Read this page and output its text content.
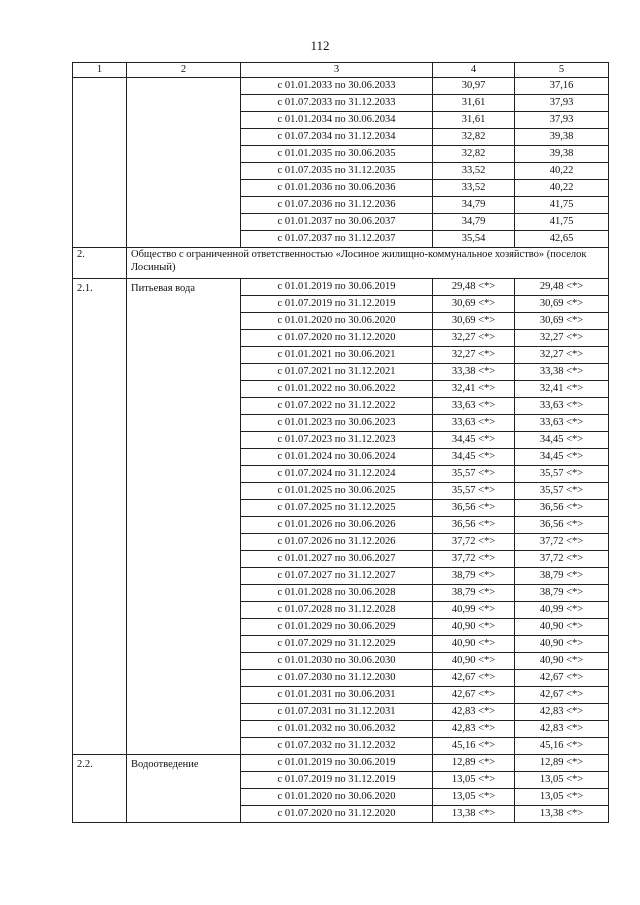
112
1	2	3	4	5
		с 01.01.2033 по 30.06.2033	30,97	37,16
		с 01.07.2033 по 31.12.2033	31,61	37,93
		с 01.01.2034 по 30.06.2034	31,61	37,93
		с 01.07.2034 по 31.12.2034	32,82	39,38
		с 01.01.2035 по 30.06.2035	32,82	39,38
		с 01.07.2035 по 31.12.2035	33,52	40,22
		с 01.01.2036 по 30.06.2036	33,52	40,22
		с 01.07.2036 по 31.12.2036	34,79	41,75
		с 01.01.2037 по 30.06.2037	34,79	41,75
		с 01.07.2037 по 31.12.2037	35,54	42,65
2.	Общество с ограниченной ответственностью «Лосиное жилищно-коммунальное хозяйство» (поселок Лосиный)			
2.1.	Питьевая вода	с 01.01.2019 по 30.06.2019	29,48 <*>	29,48 <*>
		с 01.07.2019 по 31.12.2019	30,69 <*>	30,69 <*>
		с 01.01.2020 по 30.06.2020	30,69 <*>	30,69 <*>
		с 01.07.2020 по 31.12.2020	32,27 <*>	32,27 <*>
		с 01.01.2021 по 30.06.2021	32,27 <*>	32,27 <*>
		с 01.07.2021 по 31.12.2021	33,38 <*>	33,38 <*>
		с 01.01.2022 по 30.06.2022	32,41 <*>	32,41 <*>
		с 01.07.2022 по 31.12.2022	33,63 <*>	33,63 <*>
		с 01.01.2023 по 30.06.2023	33,63 <*>	33,63 <*>
		с 01.07.2023 по 31.12.2023	34,45 <*>	34,45 <*>
		с 01.01.2024 по 30.06.2024	34,45 <*>	34,45 <*>
		с 01.07.2024 по 31.12.2024	35,57 <*>	35,57 <*>
		с 01.01.2025 по 30.06.2025	35,57 <*>	35,57 <*>
		с 01.07.2025 по 31.12.2025	36,56 <*>	36,56 <*>
		с 01.01.2026 по 30.06.2026	36,56 <*>	36,56 <*>
		с 01.07.2026 по 31.12.2026	37,72 <*>	37,72 <*>
		с 01.01.2027 по 30.06.2027	37,72 <*>	37,72 <*>
		с 01.07.2027 по 31.12.2027	38,79 <*>	38,79 <*>
		с 01.01.2028 по 30.06.2028	38,79 <*>	38,79 <*>
		с 01.07.2028 по 31.12.2028	40,99 <*>	40,99 <*>
		с 01.01.2029 по 30.06.2029	40,90 <*>	40,90 <*>
		с 01.07.2029 по 31.12.2029	40,90 <*>	40,90 <*>
		с 01.01.2030 по 30.06.2030	40,90 <*>	40,90 <*>
		с 01.07.2030 по 31.12.2030	42,67 <*>	42,67 <*>
		с 01.01.2031 по 30.06.2031	42,67 <*>	42,67 <*>
		с 01.07.2031 по 31.12.2031	42,83 <*>	42,83 <*>
		с 01.01.2032 по 30.06.2032	42,83 <*>	42,83 <*>
		с 01.07.2032 по 31.12.2032	45,16 <*>	45,16 <*>
2.2.	Водоотведение	с 01.01.2019 по 30.06.2019	12,89 <*>	12,89 <*>
		с 01.07.2019 по 31.12.2019	13,05 <*>	13,05 <*>
		с 01.01.2020 по 30.06.2020	13,05 <*>	13,05 <*>
		с 01.07.2020 по 31.12.2020	13,38 <*>	13,38 <*>
